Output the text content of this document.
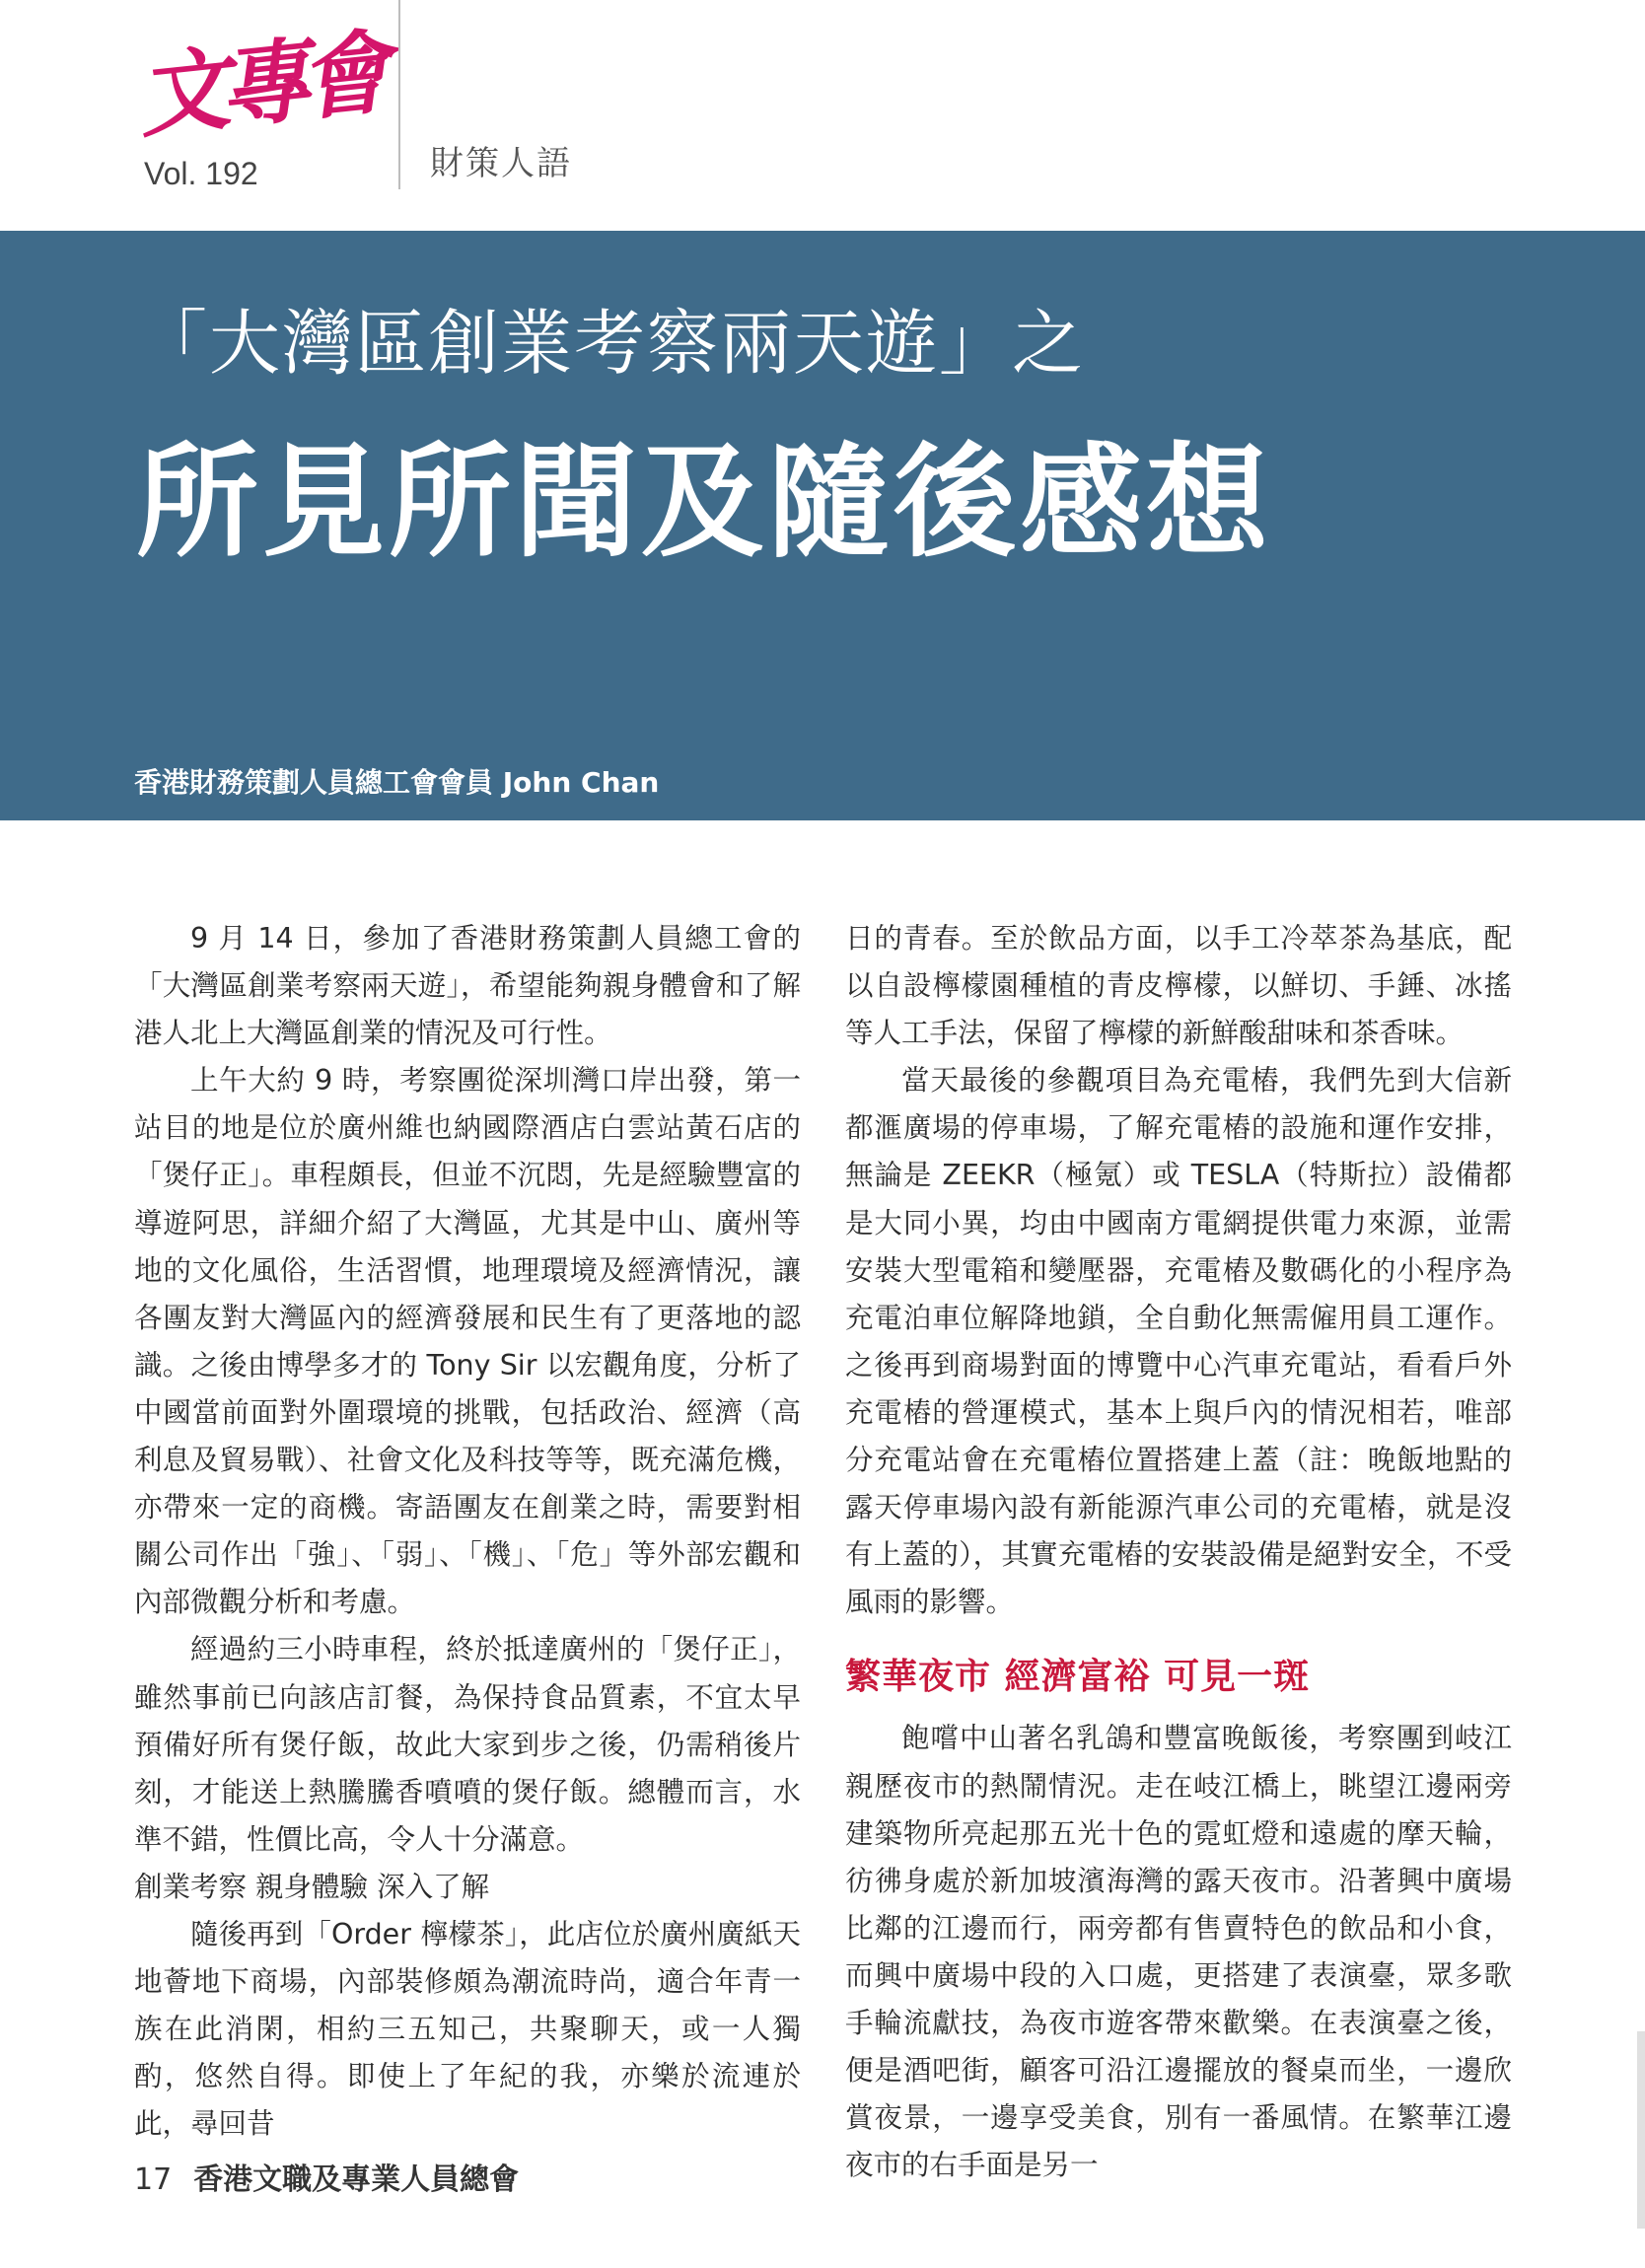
文專會
Vol. 192	財策人語
「大灣區創業考察兩天遊」之
所見所聞及隨後感想
香港財務策劃人員總工會會員 John Chan

9 月 14 日，參加了香港財務策劃人員總工會的「大灣區創業考察兩天遊」，希望能夠親身體會和了解港人北上大灣區創業的情況及可行性。

上午大約 9 時，考察團從深圳灣口岸出發，第一站目的地是位於廣州維也納國際酒店白雲站黃石店的「煲仔正」。車程頗長，但並不沉悶，先是經驗豐富的導遊阿思，詳細介紹了大灣區，尤其是中山、廣州等地的文化風俗，生活習慣，地理環境及經濟情況，讓各團友對大灣區內的經濟發展和民生有了更落地的認識。之後由博學多才的 Tony Sir 以宏觀角度，分析了中國當前面對外圍環境的挑戰，包括政治、經濟（高利息及貿易戰）、社會文化及科技等等，既充滿危機，亦帶來一定的商機。寄語團友在創業之時，需要對相關公司作出「強」、「弱」、「機」、「危」等外部宏觀和內部微觀分析和考慮。

經過約三小時車程，終於抵達廣州的「煲仔正」，雖然事前已向該店訂餐，為保持食品質素，不宜太早預備好所有煲仔飯，故此大家到步之後，仍需稍後片刻，才能送上熱騰騰香噴噴的煲仔飯。總體而言，水準不錯，性價比高，令人十分滿意。

創業考察 親身體驗 深入了解

隨後再到「Order 檸檬茶」，此店位於廣州廣紙天地薈地下商場，內部裝修頗為潮流時尚，適合年青一族在此消閑，相約三五知己，共聚聊天，或一人獨酌，悠然自得。即使上了年紀的我，亦樂於流連於此，尋回昔

日的青春。至於飲品方面，以手工冷萃茶為基底，配以自設檸檬園種植的青皮檸檬，以鮮切、手錘、冰搖等人工手法，保留了檸檬的新鮮酸甜味和茶香味。

當天最後的參觀項目為充電樁，我們先到大信新都滙廣場的停車場，了解充電樁的設施和運作安排，無論是 ZEEKR（極氪）或 TESLA（特斯拉）設備都是大同小異，均由中國南方電網提供電力來源，並需安裝大型電箱和變壓器，充電樁及數碼化的小程序為充電泊車位解降地鎖，全自動化無需僱用員工運作。之後再到商場對面的博覽中心汽車充電站，看看戶外充電樁的營運模式，基本上與戶內的情況相若，唯部分充電站會在充電樁位置搭建上蓋（註：晚飯地點的露天停車場內設有新能源汽車公司的充電樁，就是沒有上蓋的），其實充電樁的安裝設備是絕對安全，不受風雨的影響。

繁華夜市 經濟富裕 可見一斑

飽嚐中山著名乳鴿和豐富晚飯後，考察團到岐江親歷夜市的熱鬧情況。走在岐江橋上，眺望江邊兩旁建築物所亮起那五光十色的霓虹燈和遠處的摩天輪，彷彿身處於新加坡濱海灣的露天夜市。沿著興中廣場比鄰的江邊而行，兩旁都有售賣特色的飲品和小食，而興中廣場中段的入口處，更搭建了表演臺，眾多歌手輪流獻技，為夜市遊客帶來歡樂。在表演臺之後，便是酒吧街，顧客可沿江邊擺放的餐桌而坐，一邊欣賞夜景，一邊享受美食，別有一番風情。在繁華江邊夜市的右手面是另一

17 香港文職及專業人員總會
